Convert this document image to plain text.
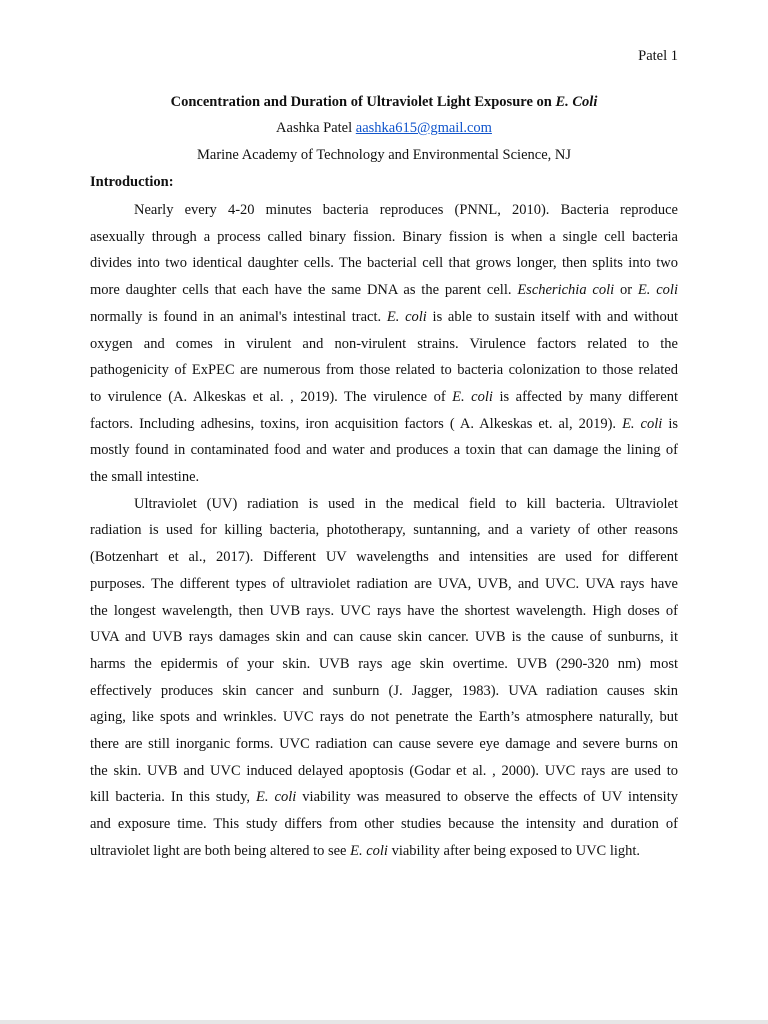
Patel 1

Concentration and Duration of Ultraviolet Light Exposure on E. Coli

Aashka Patel aashka615@gmail.com

Marine Academy of Technology and Environmental Science, NJ

Introduction:

Nearly every 4-20 minutes bacteria reproduces (PNNL, 2010). Bacteria reproduce
asexually through a process called binary fission. Binary fission is when a single cell bacteria
divides into two identical daughter cells. The bacterial cell that grows longer, then splits into two
more daughter cells that each have the same DNA as the parent cell. Escherichia coli or E. coli
normally is found in an animal's intestinal tract. E. coli is able to sustain itself with and without
oxygen and comes in virulent and non-virulent strains. Virulence factors related to the
pathogenicity of ExPEC are numerous from those related to bacteria colonization to those related
to virulence (A. Alkeskas et al. , 2019). The virulence of E. coli is affected by many different
factors. Including adhesins, toxins, iron acquisition factors ( A. Alkeskas et. al, 2019). E. coli is
mostly found in contaminated food and water and produces a toxin that can damage the lining of
the small intestine.

Ultraviolet (UV) radiation is used in the medical field to kill bacteria. Ultraviolet
radiation is used for killing bacteria, phototherapy, suntanning, and a variety of other reasons
(Botzenhart et al., 2017). Different UV wavelengths and intensities are used for different
purposes. The different types of ultraviolet radiation are UVA, UVB, and UVC. UVA rays have
the longest wavelength, then UVB rays. UVC rays have the shortest wavelength. High doses of
UVA and UVB rays damages skin and can cause skin cancer. UVB is the cause of sunburns, it
harms the epidermis of your skin. UVB rays age skin overtime. UVB (290-320 nm) most
effectively produces skin cancer and sunburn (J. Jagger, 1983). UVA radiation causes skin
aging, like spots and wrinkles. UVC rays do not penetrate the Earth’s atmosphere naturally, but
there are still inorganic forms. UVC radiation can cause severe eye damage and severe burns on
the skin. UVB and UVC induced delayed apoptosis (Godar et al. , 2000). UVC rays are used to
kill bacteria. In this study, E. coli viability was measured to observe the effects of UV intensity
and exposure time. This study differs from other studies because the intensity and duration of
ultraviolet light are both being altered to see E. coli viability after being exposed to UVC light.
